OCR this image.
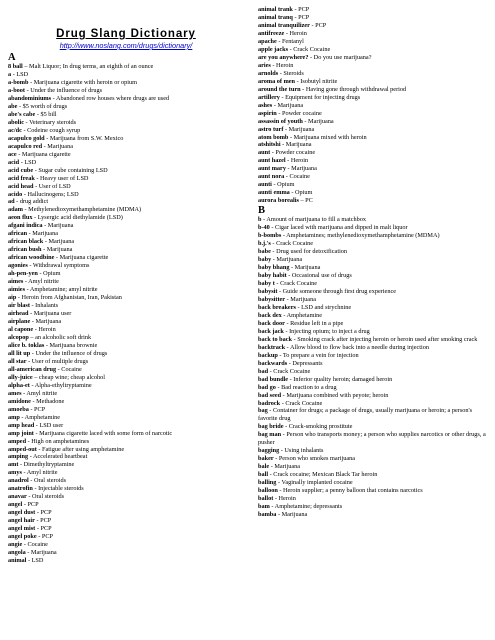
Drug Slang Dictionary
http://www.noslang.com/drugs/dictionary/
A
8 ball – Malt Liquor; In drug terms, an eighth of an ounce
a - LSD
a-bomb - Marijuana cigarette with heroin or opium
a-boot - Under the influence of drugs
abandominiums - Abandoned row houses where drugs are used
abe - $5 worth of drugs
abe's cabe - $5 bill
abolic - Veterinary steroids
ac/dc - Codeine cough syrup
acapulco gold - Marijuana from S.W. Mexico
acapulco red - Marijuana
ace - Marijuana cigarette
acid - LSD
acid cube - Sugar cube containing LSD
acid freak - Heavy user of LSD
acid head - User of LSD
acido - Hallucinogens; LSD
ad - drug addict
adam - Methylenedioxymethamphetamine (MDMA)
aeon flux - Lysergic acid diethylamide (LSD)
afgani indica - Marijuana
african - Marijuana
african black - Marijuana
african bush - Marijuana
african woodbine - Marijuana cigarette
agonies - Withdrawal symptoms
ah-pen-yen - Opium
aimes - Amyl nitrite
aimies - Amphetamine; amyl nitrite
aip - Heroin from Afghanistan, Iran, Pakistan
air blast - Inhalants
airhead - Marijuana user
airplane - Marijuana
al capone - Heroin
alcopop – an alcoholic soft drink
alice b. toklas - Marijuana brownie
all lit up - Under the influence of drugs
all star - User of multiple drugs
all-american drug - Cocaine
ally-juice – cheap wine; cheap alcohol
alpha-et - Alpha-ethyltryptamine
ames - Amyl nitrite
amidone - Methadone
amoeba - PCP
amp - Amphetamine
amp head - LSD user
amp joint - Marijuana cigarette laced with some form of narcotic
amped - High on amphetamines
amped-out - Fatigue after using amphetamine
amping - Accelerated heartbeat
amt - Dimethyltryptamine
amys - Amyl nitrite
anadrol - Oral steroids
anatrofin - Injectable steroids
anavar - Oral steroids
angel - PCP
angel dust - PCP
angel hair - PCP
angel mist - PCP
angel poke - PCP
angie - Cocaine
angola - Marijuana
animal - LSD
animal trank - PCP
animal tranq - PCP
animal tranquilizer - PCP
antifreeze - Heroin
apache - Fentanyl
apple jacks - Crack Cocaine
are you anywhere? - Do you use marijuana?
aries - Heroin
arnolds - Steroids
aroma of men - Isobutyl nitrite
around the turn - Having gone through withdrawal period
artillery - Equipment for injecting drugs
ashes - Marijuana
aspirin - Powder cocaine
assassin of youth - Marijuana
astro turf - Marijuana
atom bomb - Marijuana mixed with heroin
atshitshi - Marijuana
aunt - Powder cocaine
aunt hazel - Heroin
aunt mary - Marijuana
aunt nora - Cocaine
aunti - Opium
aunti emma - Opium
aurora borealis – PC
B
b - Amount of marijuana to fill a matchbox
b-40 - Cigar laced with marijuana and dipped in malt liquor
b-bombs - Amphetamines; methylenedioxymethamphetamine (MDMA)
b.j.'s - Crack Cocaine
babe - Drug used for detoxification
baby - Marijuana
baby bhang - Marijuana
baby habit - Occasional use of drugs
baby t - Crack Cocaine
babysit - Guide someone through first drug experience
babysitter - Marijuana
back breakers - LSD and strychnine
back dex - Amphetamine
back door - Residue left in a pipe
back jack - Injecting opium; to inject a drug
back to back - Smoking crack after injecting heroin or heroin used after smoking crack
backtrack - Allow blood to flow back into a needle during injection
backup - To prepare a vein for injection
backwards - Depressants
bad - Crack Cocaine
bad bundle - Inferior quality heroin; damaged heroin
bad go - Bad reaction to a drug
bad seed - Marijuana combined with peyote; heroin
badrock - Crack Cocaine
bag - Container for drugs; a package of drugs, usually marijuana or heroin; a person's favorite drug
bag bride - Crack-smoking prostitute
bag man - Person who transports money; a person who supplies narcotics or other drugs, a pusher
bagging - Using inhalants
baker - Person who smokes marijuana
bale - Marijuana
ball - Crack cocaine; Mexican Black Tar heroin
balling - Vaginally implanted cocaine
balloon - Heroin supplier; a penny balloon that contains narcotics
ballot - Heroin
bam - Amphetamine; depressants
bamba - Marijuana
